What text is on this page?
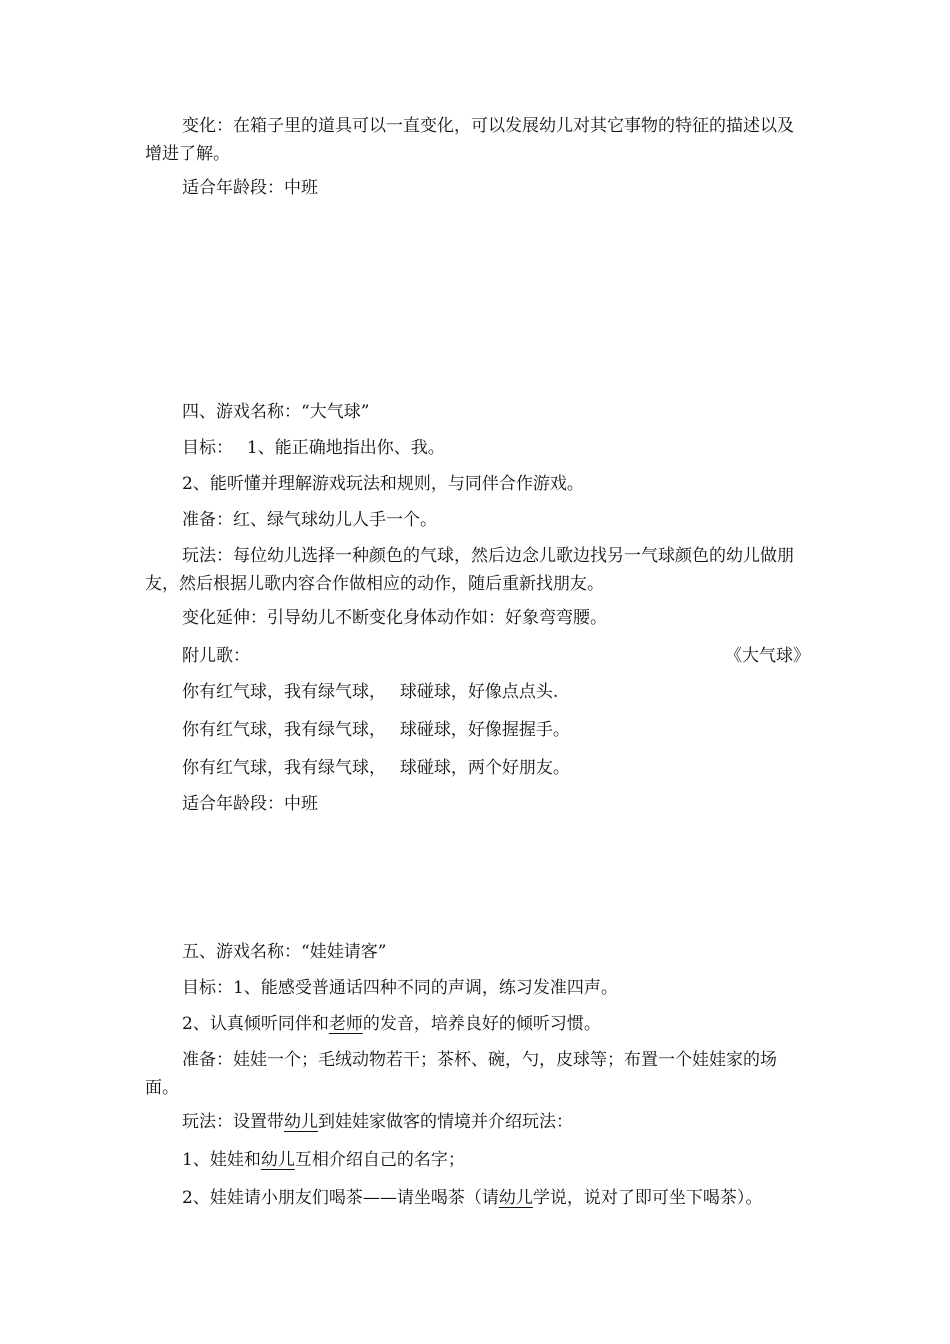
变化：在箱子里的道具可以一直变化，可以发展幼儿对其它事物的特征的描述以及增进了解。

适合年龄段：中班

四、游戏名称：“大气球”

目标：　 1、能正确地指出你、我。

2、能听懂并理解游戏玩法和规则，与同伴合作游戏。

准备：红、绿气球幼儿人手一个。

玩法：每位幼儿选择一种颜色的气球，然后边念儿歌边找另一气球颜色的幼儿做朋友，然后根据儿歌内容合作做相应的动作，随后重新找朋友。

变化延伸：引导幼儿不断变化身体动作如：好象弯弯腰。

附儿歌：	《大气球》

你有红气球，我有绿气球，　 球碰球，好像点点头.

你有红气球，我有绿气球，　 球碰球，好像握握手。

你有红气球，我有绿气球，　 球碰球，两个好朋友。

适合年龄段：中班

五、游戏名称：“娃娃请客”

目标：1、能感受普通话四种不同的声调，练习发准四声。

2、认真倾听同伴和老师的发音，培养良好的倾听习惯。

准备：娃娃一个；毛绒动物若干；茶杯、碗，勺，皮球等；布置一个娃娃家的场面。

玩法：设置带幼儿到娃娃家做客的情境并介绍玩法：

1、娃娃和幼儿互相介绍自己的名字；

2、娃娃请小朋友们喝茶——请坐喝茶（请幼儿学说，说对了即可坐下喝茶）。
